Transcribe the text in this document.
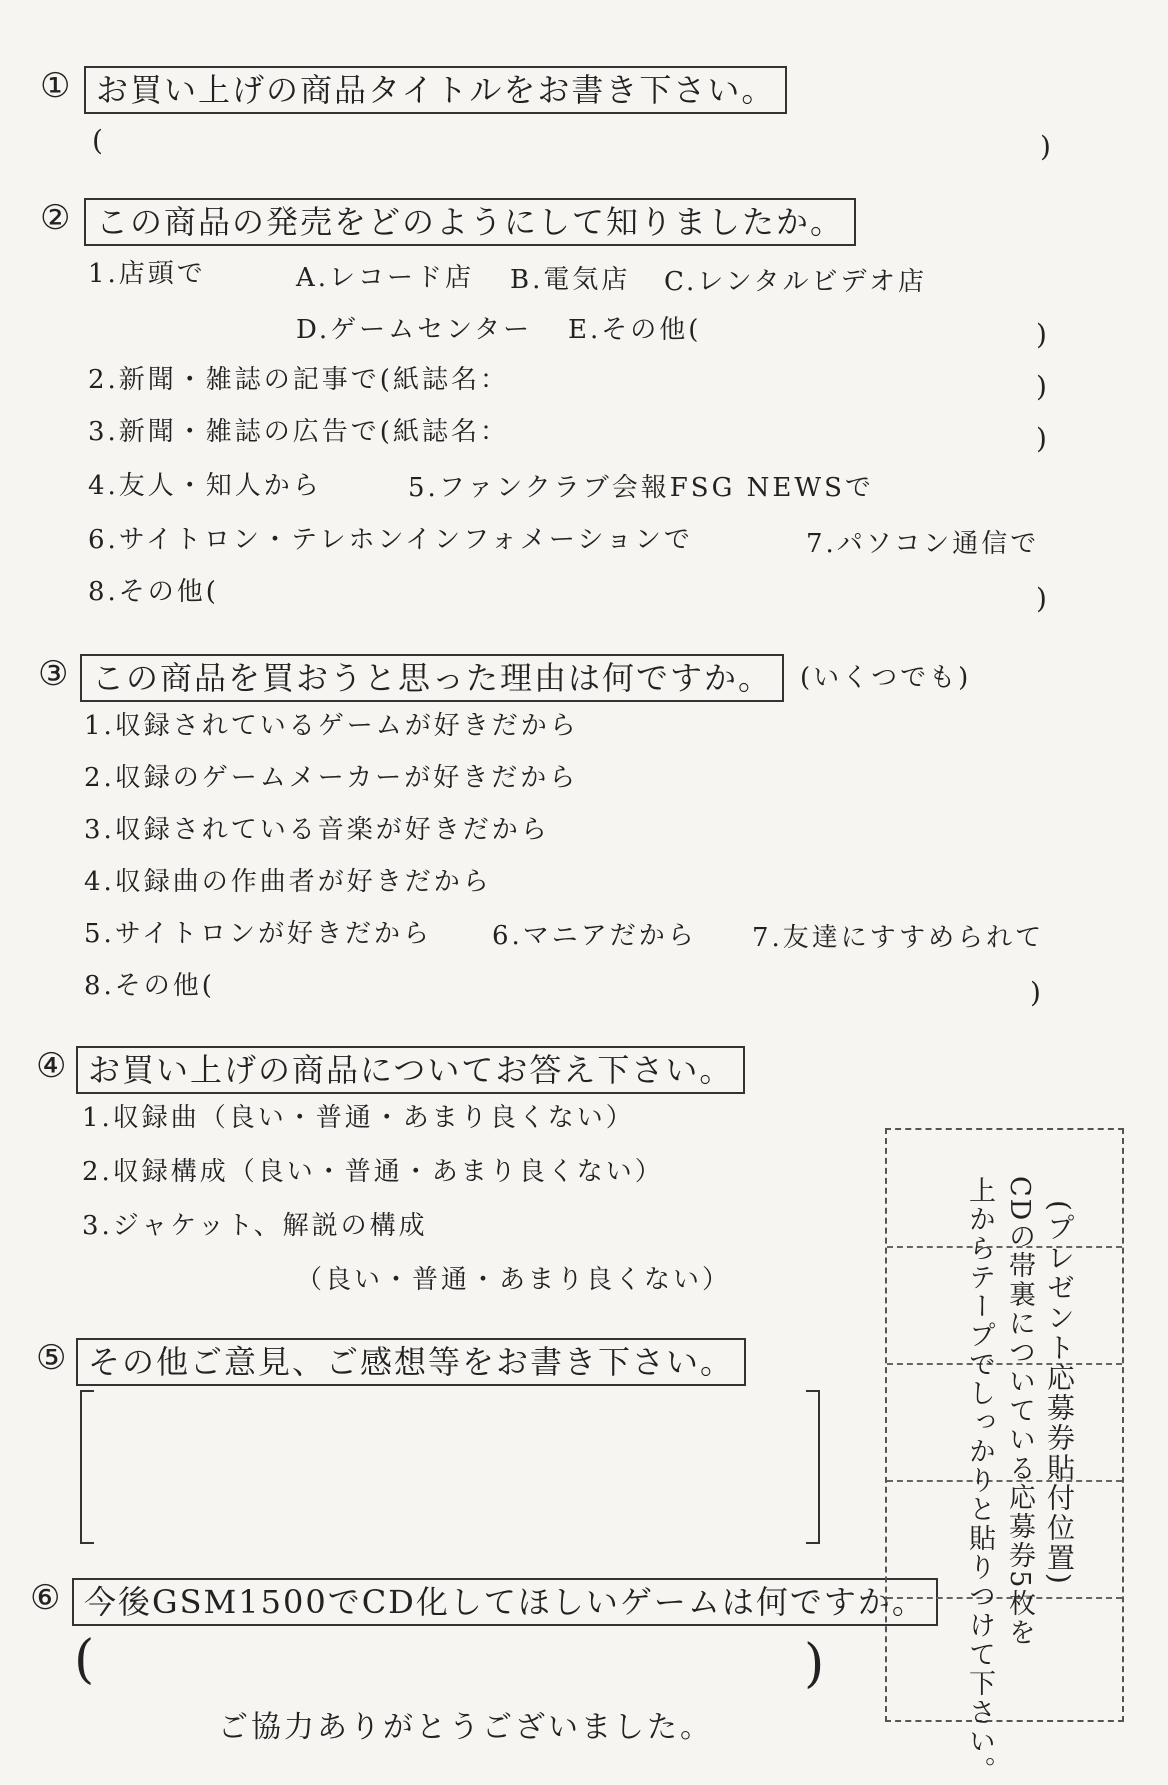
① お買い上げの商品タイトルをお書き下さい。
(	)
② この商品の発売をどのようにして知りましたか。
1.店頭で	A.レコード店 B.電気店 C.レンタルビデオ店
D.ゲームセンター E.その他(	)
2.新聞・雑誌の記事で(紙誌名：	)
3.新聞・雑誌の広告で(紙誌名：	)
4.友人・知人から	5.ファンクラブ会報FSG NEWSで
6.サイトロン・テレホンインフォメーションで	7.パソコン通信で
8.その他(	)
③ この商品を買おうと思った理由は何ですか。	(いくつでも)
1.収録されているゲームが好きだから
2.収録のゲームメーカーが好きだから
3.収録されている音楽が好きだから
4.収録曲の作曲者が好きだから
5.サイトロンが好きだから 6.マニアだから 7.友達にすすめられて
8.その他(	)
④ お買い上げの商品についてお答え下さい。
1.収録曲（良い・普通・あまり良くない）
2.収録構成（良い・普通・あまり良くない）
3.ジャケット、解説の構成
（良い・普通・あまり良くない）
⑤ その他ご意見、ご感想等をお書き下さい。
⑥ 今後GSM1500でCD化してほしいゲームは何ですか。
(	)
ご協力ありがとうございました。
(プレゼント応募券貼付位置)
CDの帯裏についている応募券5枚を
上からテープでしっかりと貼りつけて下さい。
